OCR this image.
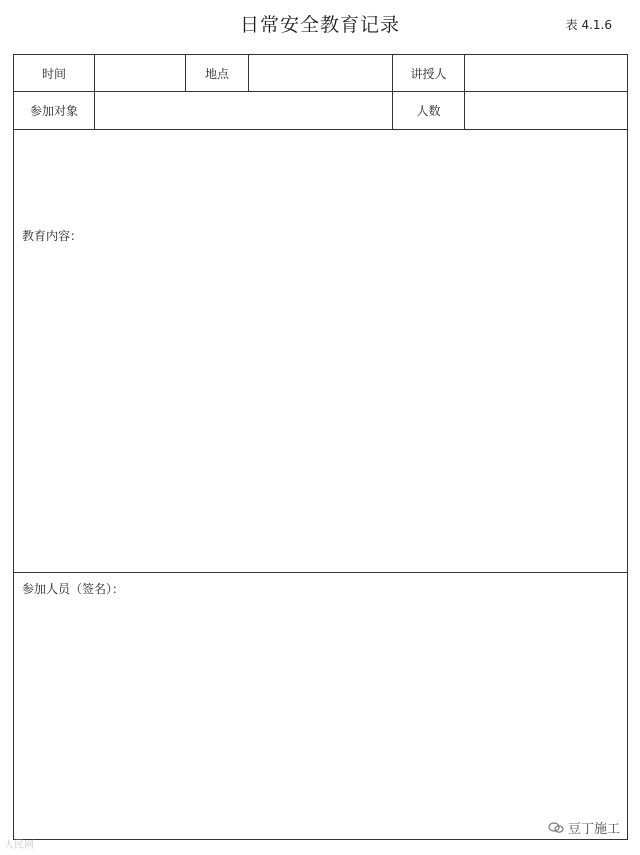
日常安全教育记录	表 4.1.6
时间	地点	讲授人
参加对象	人数
教育内容：
参加人员（签名）：
人民网
豆丁施工
